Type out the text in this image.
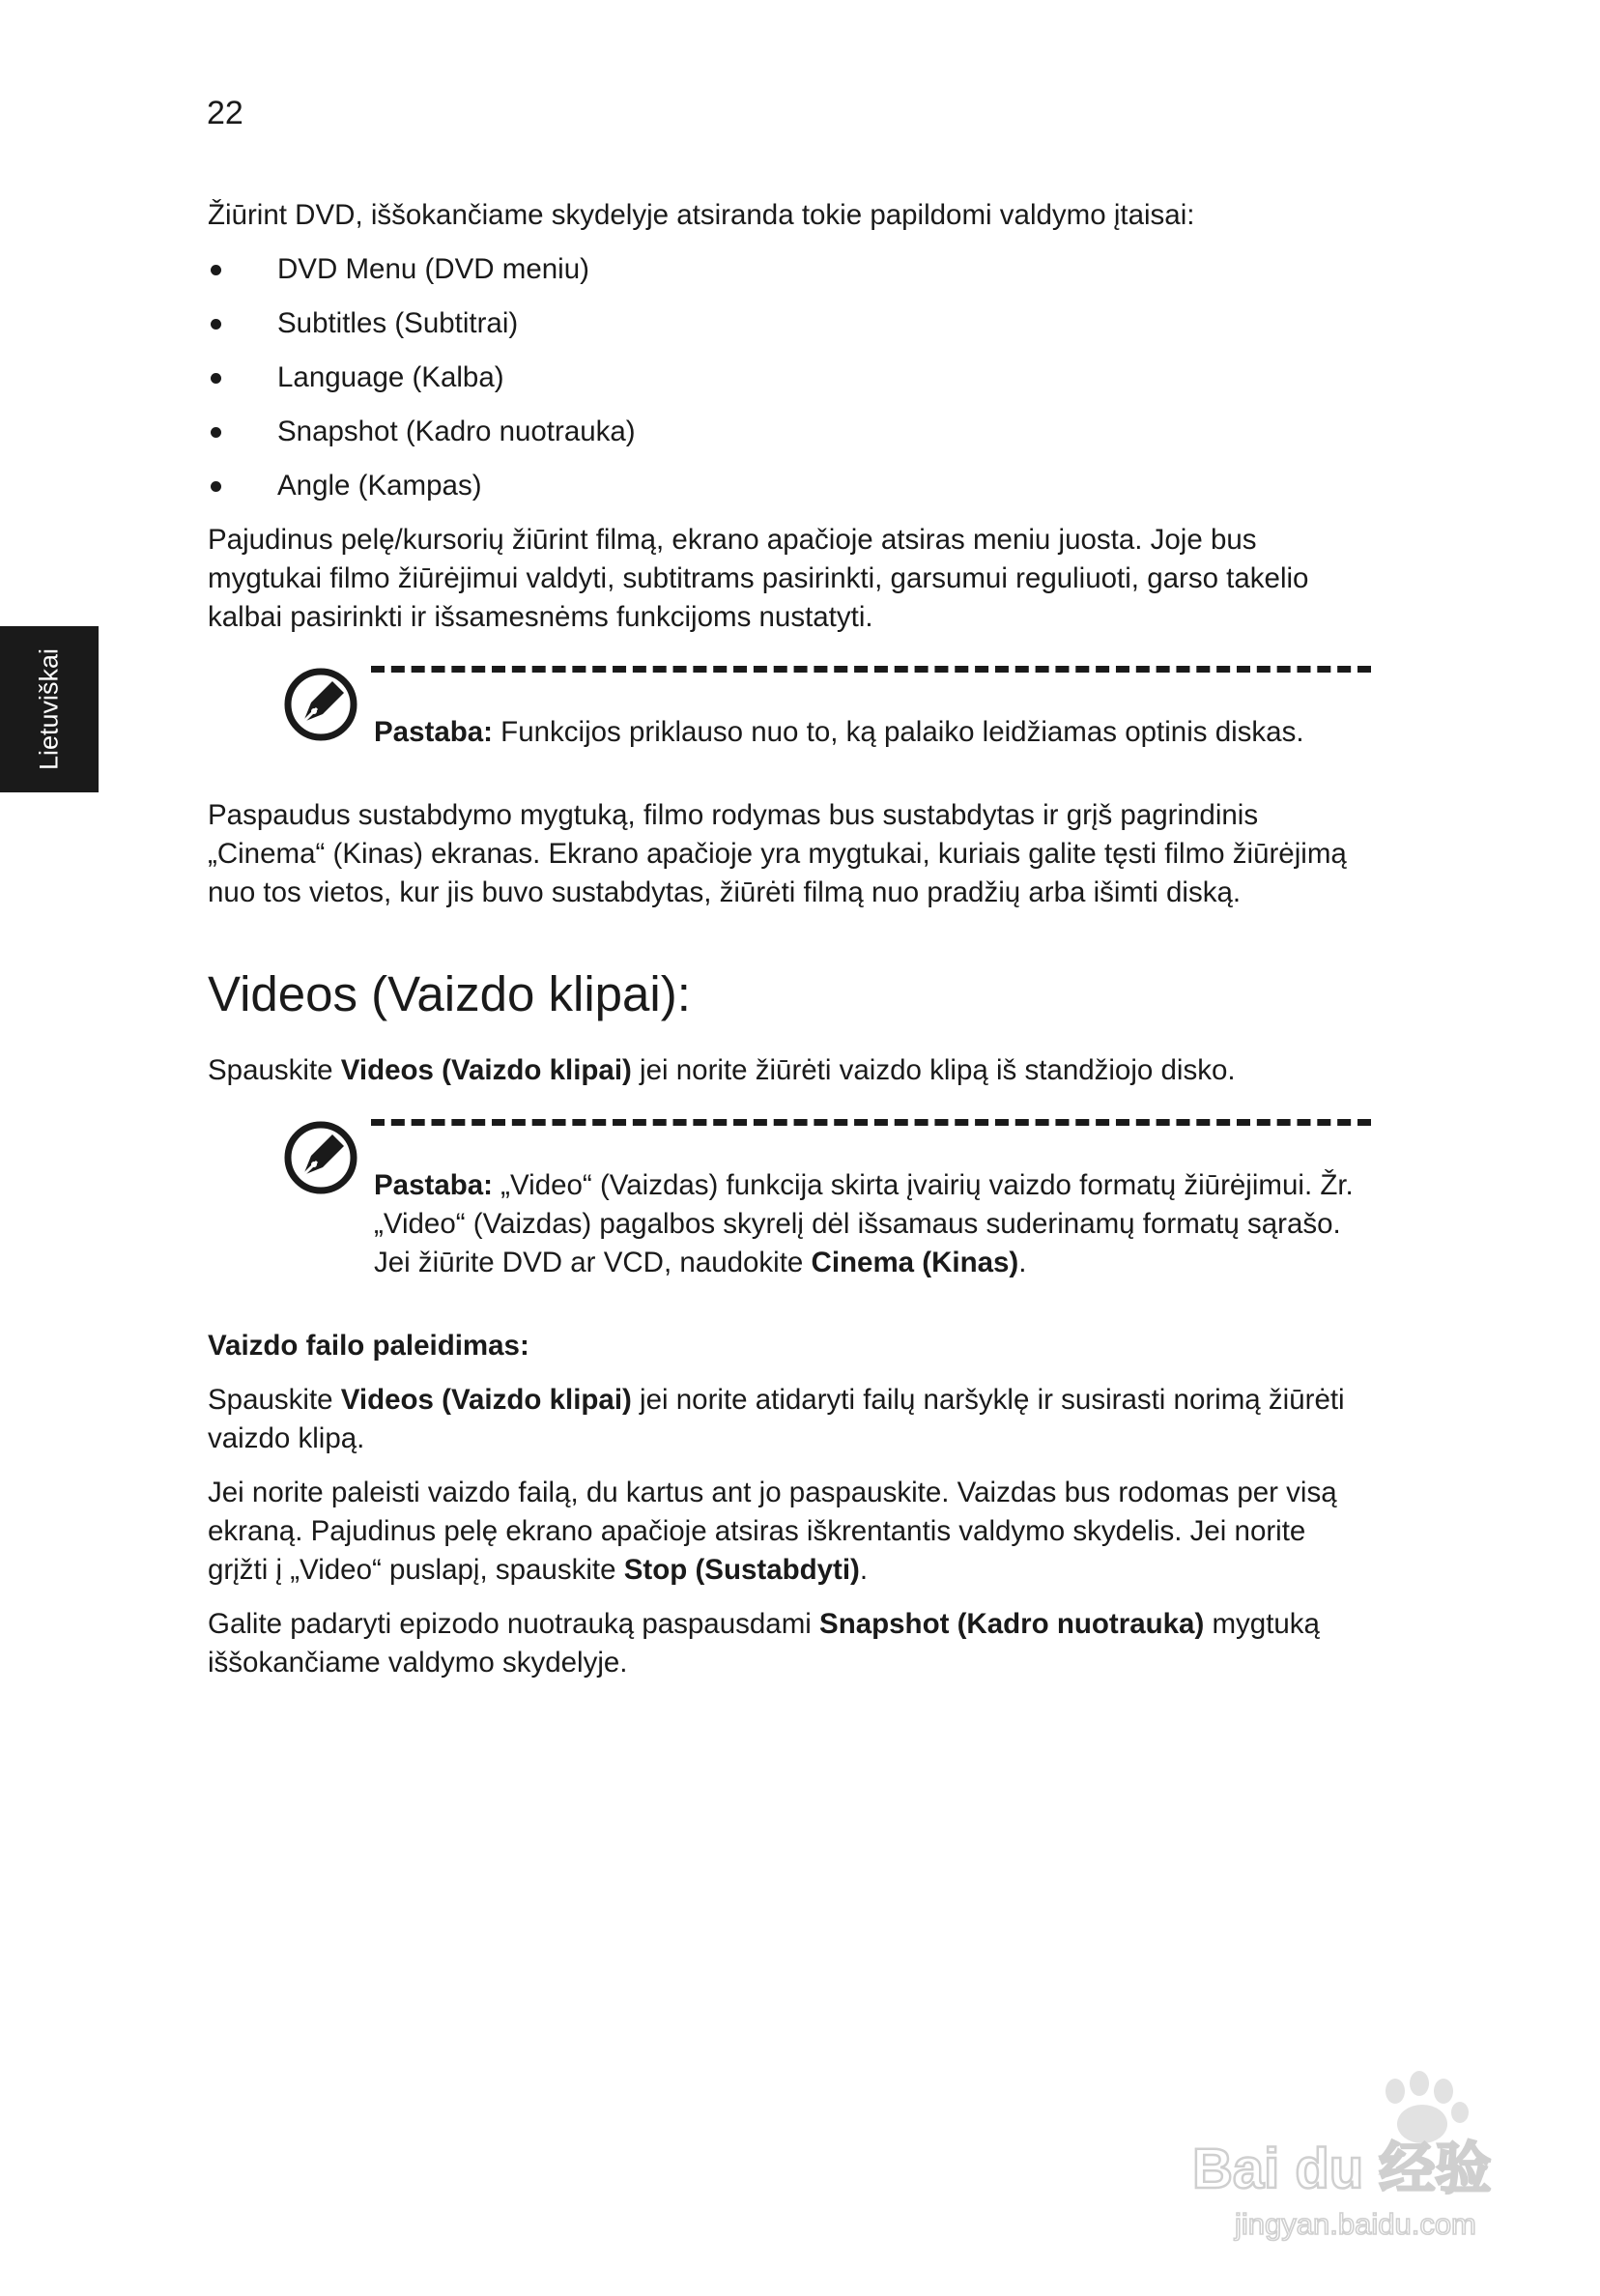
22
Lietuviškai

Žiūrint DVD, iššokančiame skydelyje atsiranda tokie papildomi valdymo įtaisai:

DVD Menu (DVD meniu)
Subtitles (Subtitrai)
Language (Kalba)
Snapshot (Kadro nuotrauka)
Angle (Kampas)

Pajudinus pelę/kursorių žiūrint filmą, ekrano apačioje atsiras meniu juosta. Joje bus mygtukai filmo žiūrėjimui valdyti, subtitrams pasirinkti, garsumui reguliuoti, garso takelio kalbai pasirinkti ir išsamesnėms funkcijoms nustatyti.

Pastaba: Funkcijos priklauso nuo to, ką palaiko leidžiamas optinis diskas.

Paspaudus sustabdymo mygtuką, filmo rodymas bus sustabdytas ir grįš pagrindinis „Cinema“ (Kinas) ekranas. Ekrano apačioje yra mygtukai, kuriais galite tęsti filmo žiūrėjimą nuo tos vietos, kur jis buvo sustabdytas, žiūrėti filmą nuo pradžių arba išimti diską.

Videos (Vaizdo klipai):

Spauskite Videos (Vaizdo klipai) jei norite žiūrėti vaizdo klipą iš standžiojo disko.

Pastaba: „Video“ (Vaizdas) funkcija skirta įvairių vaizdo formatų žiūrėjimui. Žr. „Video“ (Vaizdas) pagalbos skyrelį dėl išsamaus suderinamų formatų sąrašo. Jei žiūrite DVD ar VCD, naudokite Cinema (Kinas).

Vaizdo failo paleidimas:

Spauskite Videos (Vaizdo klipai) jei norite atidaryti failų naršyklę ir susirasti norimą žiūrėti vaizdo klipą.

Jei norite paleisti vaizdo failą, du kartus ant jo paspauskite. Vaizdas bus rodomas per visą ekraną. Pajudinus pelę ekrano apačioje atsiras iškrentantis valdymo skydelis. Jei norite grįžti į „Video“ puslapį, spauskite Stop (Sustabdyti).

Galite padaryti epizodo nuotrauką paspausdami Snapshot (Kadro nuotrauka) mygtuką iššokančiame valdymo skydelyje.

Bai du 经验
jingyan.baidu.com
